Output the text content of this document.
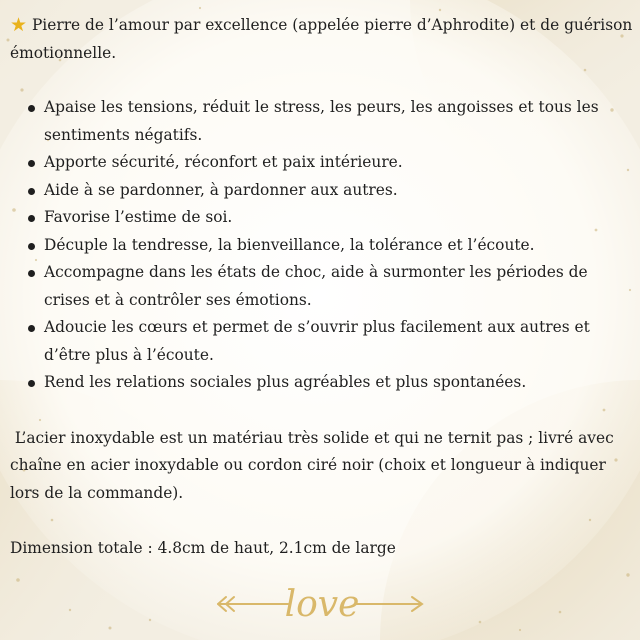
★ Pierre de l’amour par excellence (appelée pierre d’Aphrodite) et de guérison émotionnelle.

Apaise les tensions, réduit le stress, les peurs, les angoisses et tous les sentiments négatifs.
Apporte sécurité, réconfort et paix intérieure.
Aide à se pardonner, à pardonner aux autres.
Favorise l’estime de soi.
Décuple la tendresse, la bienveillance, la tolérance et l’écoute.
Accompagne dans les états de choc, aide à surmonter les périodes de crises et à contrôler ses émotions.
Adoucie les cœurs et permet de s’ouvrir plus facilement aux autres et d’être plus à l’écoute.
Rend les relations sociales plus agréables et plus spontanées.

L’acier inoxydable est un matériau très solide et qui ne ternit pas ; livré avec chaîne en acier inoxydable ou cordon ciré noir (choix et longueur à indiquer lors de la commande).

Dimension totale : 4.8cm de haut, 2.1cm de large

love
